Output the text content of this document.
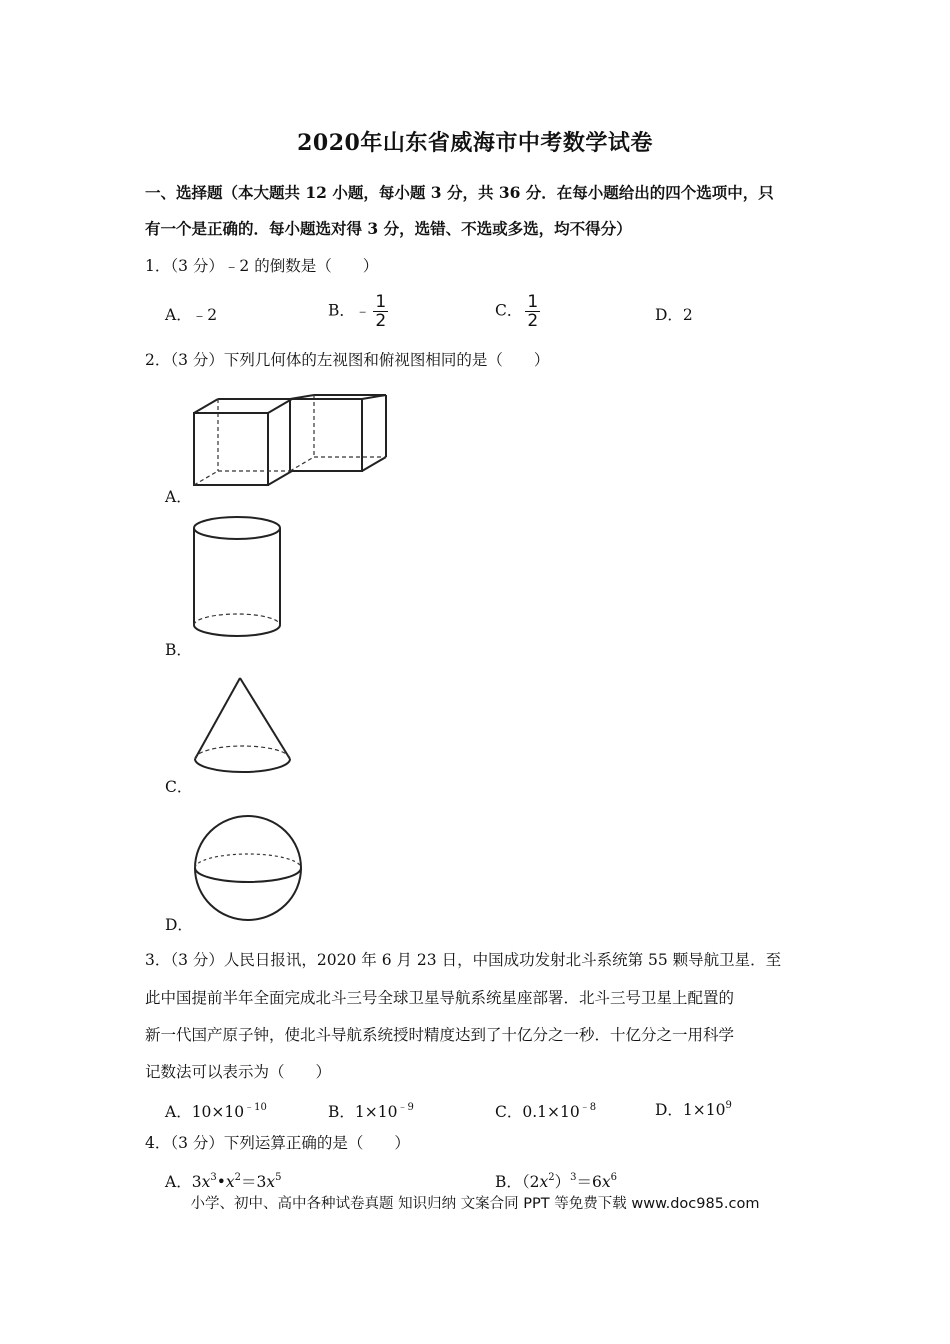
2020年山东省威海市中考数学试卷
一、选择题（本大题共 12 小题，每小题 3 分，共 36 分．在每小题给出的四个选项中，只
有一个是正确的．每小题选对得 3 分，选错、不选或多选，均不得分）
1．（3 分）﹣2 的倒数是（　　）
A．﹣2	B．﹣ $\frac{1}{2}$	C． $\frac{1}{2}$	D．2
2．（3 分）下列几何体的左视图和俯视图相同的是（　　）
A．
B．
C．
D．
3．（3 分）人民日报讯，2020 年 6 月 23 日，中国成功发射北斗系统第 55 颗导航卫星．至
此中国提前半年全面完成北斗三号全球卫星导航系统星座部署．北斗三号卫星上配置的
新一代国产原子钟，使北斗导航系统授时精度达到了十亿分之一秒．十亿分之一用科学
记数法可以表示为（　　）
A．$10\times 10^{﹣10}$	B．$1\times 10^{﹣9}$	C．$0.1\times 10^{﹣8}$	D．$1\times 10^9$
4．（3 分）下列运算正确的是（　　）
A．$3x^3•x^2=3x^5$	B．$(2x^2)^3=6x^6$
小学、初中、高中各种试卷真题 知识归纳 文案合同 PPT 等免费下载 www.doc985.com
